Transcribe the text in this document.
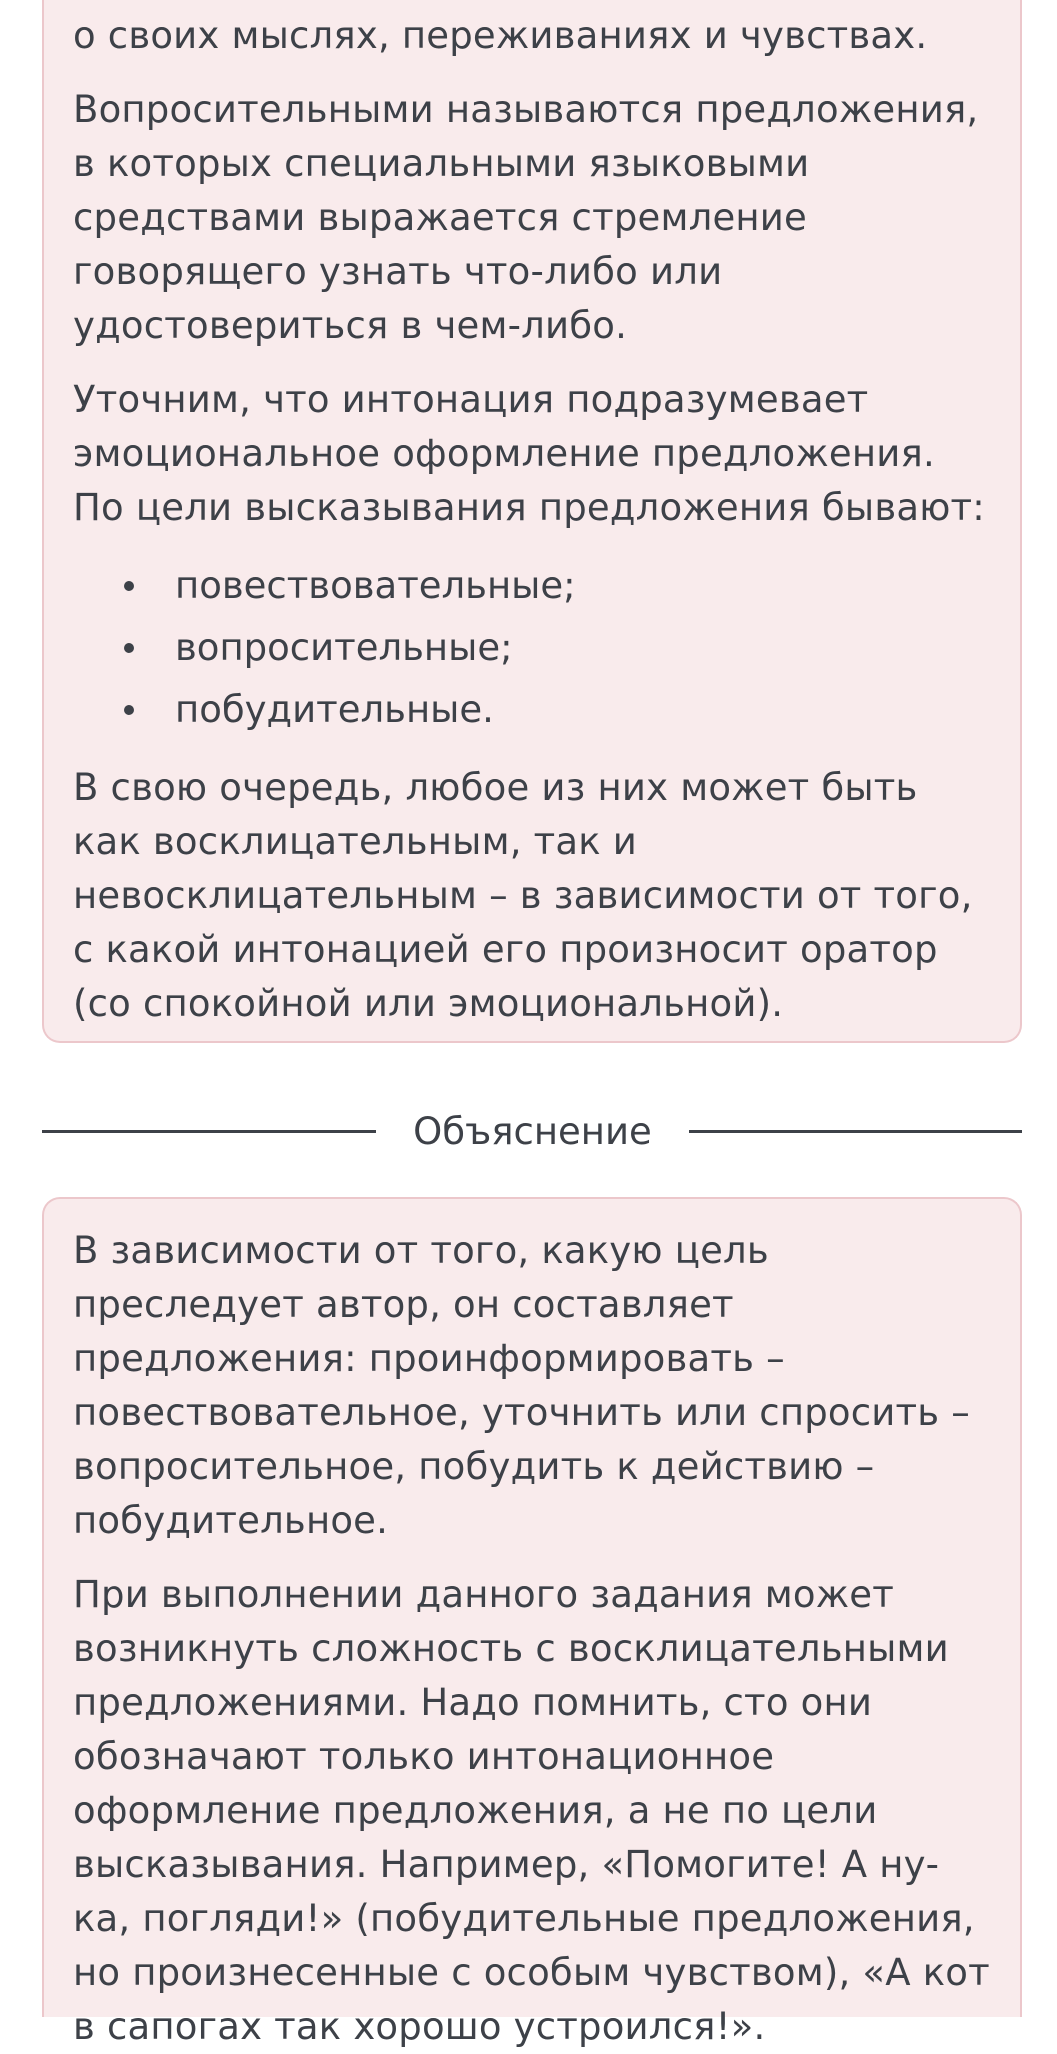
о своих мыслях, переживаниях и чувствах.

Вопросительными называются предложения, в которых специальными языковыми средствами выражается стремление говорящего узнать что-либо или удостовериться в чем-либо.

Уточним, что интонация подразумевает эмоциональное оформление предложения. По цели высказывания предложения бывают:

повествовательные;
вопросительные;
побудительные.

В свою очередь, любое из них может быть как восклицательным, так и невосклицательным – в зависимости от того, с какой интонацией его произносит оратор (со спокойной или эмоциональной).

Объяснение

В зависимости от того, какую цель преследует автор, он составляет предложения: проинформировать – повествовательное, уточнить или спросить – вопросительное, побудить к действию – побудительное.

При выполнении данного задания может возникнуть сложность с восклицательными предложениями. Надо помнить, сто они обозначают только интонационное оформление предложения, а не по цели высказывания. Например, «Помогите! А ну-ка, погляди!» (побудительные предложения, но произнесенные с особым чувством), «А кот в сапогах так хорошо устроился!».
